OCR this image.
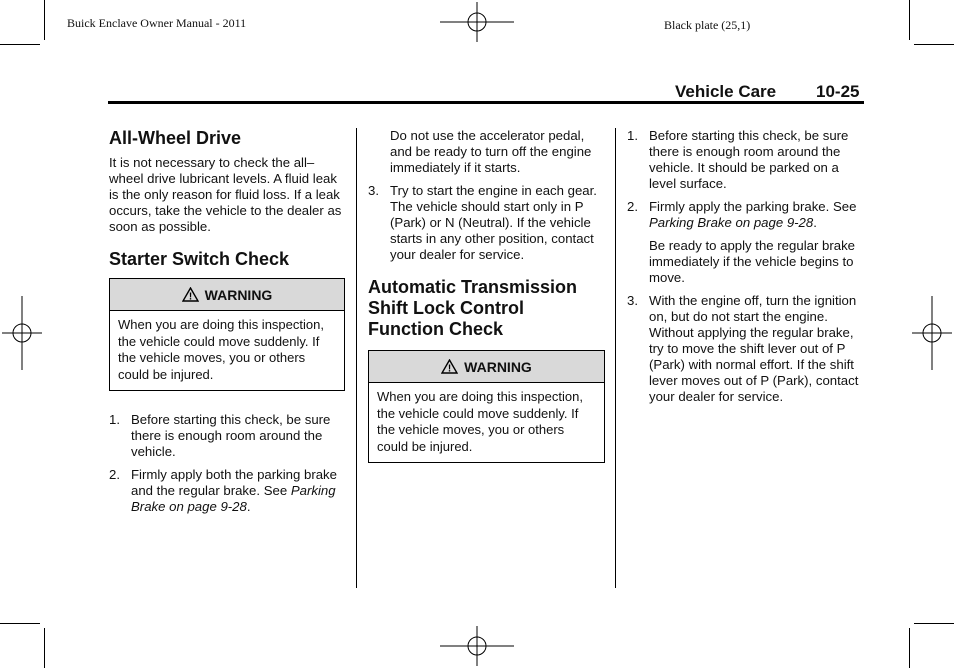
Buick Enclave Owner Manual - 2011	Black plate (25,1)
Vehicle Care 10-25
All-Wheel Drive

It is not necessary to check the all–wheel drive lubricant levels. A fluid leak is the only reason for fluid loss. If a leak occurs, take the vehicle to the dealer as soon as possible.

Starter Switch Check
! WARNING
When you are doing this inspection, the vehicle could move suddenly. If the vehicle moves, you or others could be injured.
1. Before starting this check, be sure there is enough room around the vehicle.
2. Firmly apply both the parking brake and the regular brake. See Parking Brake on page 9-28.

Do not use the accelerator pedal, and be ready to turn off the engine immediately if it starts.

3. Try to start the engine in each gear. The vehicle should start only in P (Park) or N (Neutral). If the vehicle starts in any other position, contact your dealer for service.
Automatic Transmission Shift Lock Control Function Check
! WARNING
When you are doing this inspection, the vehicle could move suddenly. If the vehicle moves, you or others could be injured.
1. Before starting this check, be sure there is enough room around the vehicle. It should be parked on a level surface.
2. Firmly apply the parking brake. See Parking Brake on page 9-28.

Be ready to apply the regular brake immediately if the vehicle begins to move.

3. With the engine off, turn the ignition on, but do not start the engine. Without applying the regular brake, try to move the shift lever out of P (Park) with normal effort. If the shift lever moves out of P (Park), contact your dealer for service.
